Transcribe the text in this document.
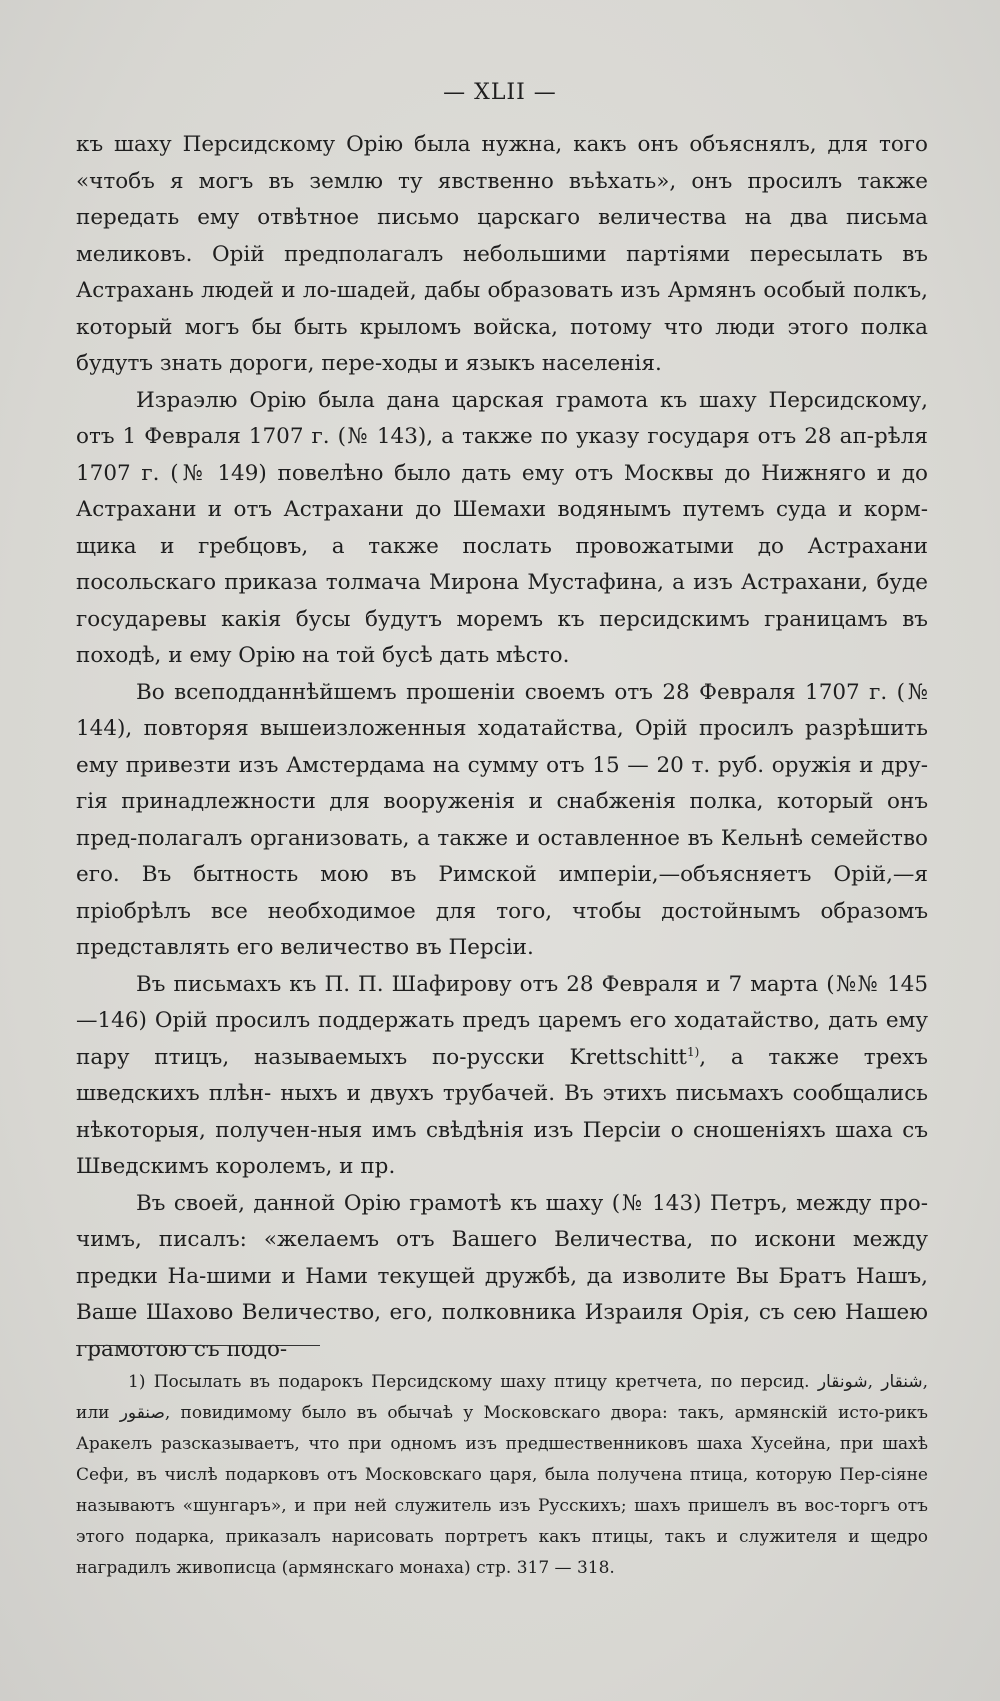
— XLII —

къ шаху Персидскому Орію была нужна, какъ онъ объяснялъ, для того «чтобъ я могъ въ землю ту явственно въѣхать», онъ просилъ также передать ему отвѣтное письмо царскаго величества на два письма меликовъ. Орій предполагалъ небольшими партіями пересылать въ Астрахань людей и ло-шадей, дабы образовать изъ Армянъ особый полкъ, который могъ бы быть крыломъ войска, потому что люди этого полка будутъ знать дороги, пере-ходы и языкъ населенія.

Израэлю Орію была дана царская грамота къ шаху Персидскому, отъ 1 Февраля 1707 г. (№ 143), а также по указу государя отъ 28 ап-рѣля 1707 г. (№ 149) повелѣно было дать ему отъ Москвы до Нижняго и до Астрахани и отъ Астрахани до Шемахи водянымъ путемъ суда и корм-щика и гребцовъ, а также послать провожатыми до Астрахани посольскаго приказа толмача Мирона Мустафина, а изъ Астрахани, буде государевы какія бусы будутъ моремъ къ персидскимъ границамъ въ походѣ, и ему Орію на той бусѣ дать мѣсто.

Во всеподданнѣйшемъ прошеніи своемъ отъ 28 Февраля 1707 г. (№ 144), повторяя вышеизложенныя ходатайства, Орій просилъ разрѣшить ему привезти изъ Амстердама на сумму отъ 15 — 20 т. руб. оружія и дру-гія принадлежности для вооруженія и снабженія полка, который онъ пред-полагалъ организовать, а также и оставленное въ Кельнѣ семейство его. Въ бытность мою въ Римской имперіи,—объясняетъ Орій,—я пріобрѣлъ все необходимое для того, чтобы достойнымъ образомъ представлять его величество въ Персіи.

Въ письмахъ къ П. П. Шафирову отъ 28 Февраля и 7 марта (№№ 145—146) Орій просилъ поддержать предъ царемъ его ходатайство, дать ему пару птицъ, называемыхъ по-русски Krettschitt$^{1)}$, а также трехъ шведскихъ плѣн- ныхъ и двухъ трубачей. Въ этихъ письмахъ сообщались нѣкоторыя, получен-ныя имъ свѣдѣнія изъ Персіи о сношеніяхъ шаха съ Шведскимъ королемъ, и пр.

Въ своей, данной Орію грамотѣ къ шаху (№ 143) Петръ, между про-чимъ, писалъ: «желаемъ отъ Вашего Величества, по искони между предки На-шими и Нами текущей дружбѣ, да изволите Вы Братъ Нашъ, Ваше Шахово Величество, его, полковника Израиля Орія, съ сею Нашею грамотою съ подо-

1) Посылать въ подарокъ Персидскому шаху птицу кретчета, по персид. شونقار, شنقار, или صنقور, повидимому было въ обычаѣ у Московскаго двора: такъ, армянскій исто-рикъ Аракелъ разсказываетъ, что при одномъ изъ предшественниковъ шаха Хусейна, при шахѣ Сефи, въ числѣ подарковъ отъ Московскаго царя, была получена птица, которую Пер-сіяне называютъ «шунгаръ», и при ней служитель изъ Русскихъ; шахъ пришелъ въ вос-торгъ отъ этого подарка, приказалъ нарисовать портретъ какъ птицы, такъ и служителя и щедро наградилъ живописца (армянскаго монаха) стр. 317 — 318.
